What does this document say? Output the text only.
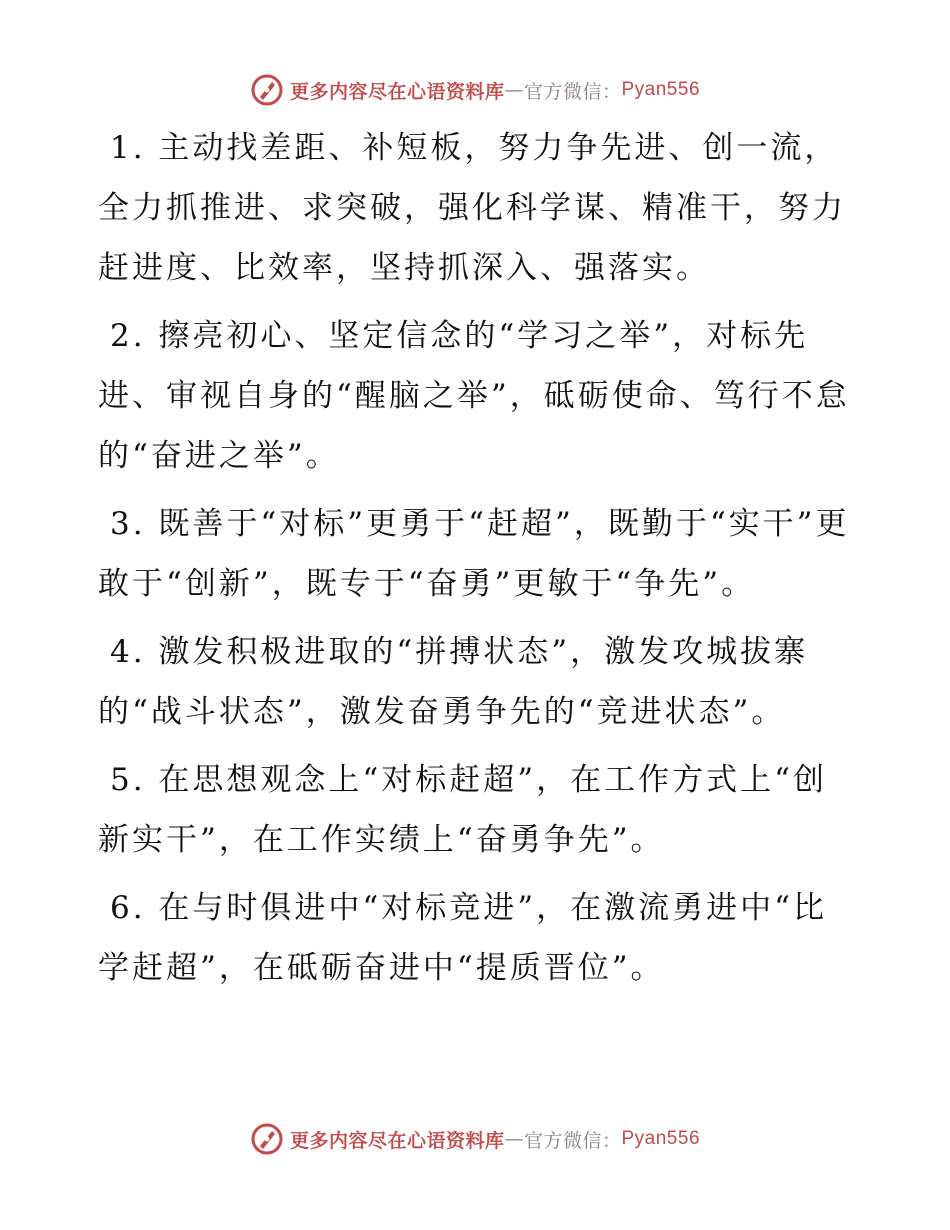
更多内容尽在心语资料库 — 官方微信： Pyan556

1. 主动找差距、补短板，努力争先进、创一流，全力抓推进、求突破，强化科学谋、精准干，努力赶进度、比效率，坚持抓深入、强落实。

2. 擦亮初心、坚定信念的“学习之举”，对标先进、审视自身的“醒脑之举”，砥砺使命、笃行不怠的“奋进之举”。

3. 既善于“对标”更勇于“赶超”，既勤于“实干”更敢于“创新”，既专于“奋勇”更敏于“争先”。

4. 激发积极进取的“拼搏状态”，激发攻城拔寨的“战斗状态”，激发奋勇争先的“竞进状态”。

5. 在思想观念上“对标赶超”，在工作方式上“创新实干”，在工作实绩上“奋勇争先”。

6. 在与时俱进中“对标竞进”，在激流勇进中“比学赶超”，在砥砺奋进中“提质晋位”。

更多内容尽在心语资料库 — 官方微信： Pyan556
